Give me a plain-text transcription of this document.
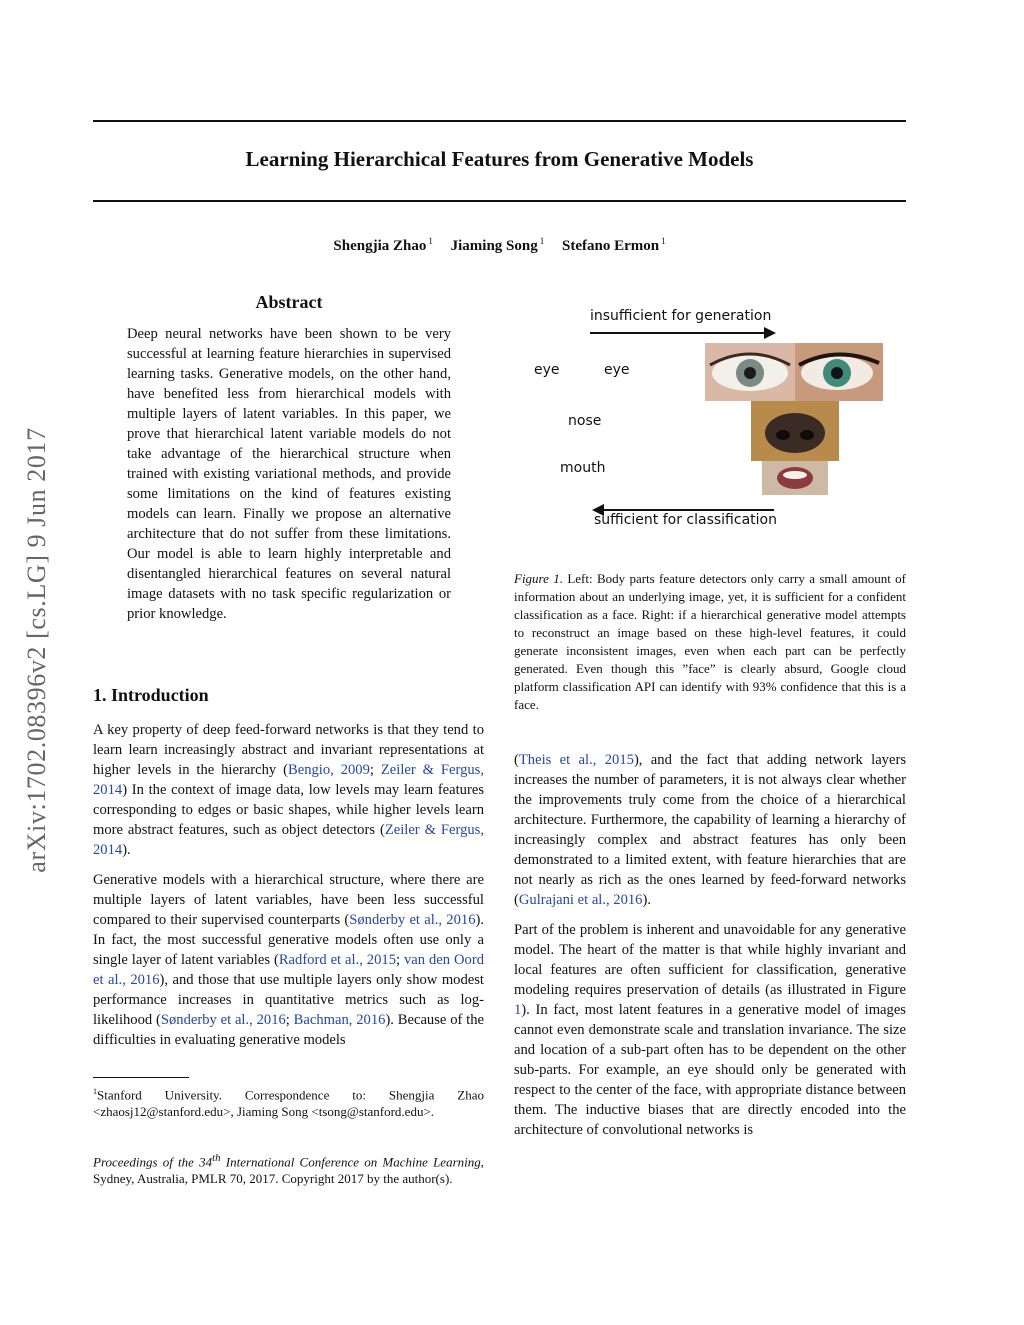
arXiv:1702.08396v2 [cs.LG] 9 Jun 2017
Learning Hierarchical Features from Generative Models
Shengjia Zhao $^1$ Jiaming Song $^1$ Stefano Ermon $^1$
Abstract
Deep neural networks have been shown to be very successful at learning feature hierarchies in supervised learning tasks. Generative models, on the other hand, have benefited less from hierarchical models with multiple layers of latent variables. In this paper, we prove that hierarchical latent variable models do not take advantage of the hierarchical structure when trained with existing variational methods, and provide some limitations on the kind of features existing models can learn. Finally we propose an alternative architecture that do not suffer from these limitations. Our model is able to learn highly interpretable and disentangled hierarchical features on several natural image datasets with no task specific regularization or prior knowledge.
insufficient for generation
eye	eye
nose
mouth
sufficient for classification
Figure 1. Left: Body parts feature detectors only carry a small amount of information about an underlying image, yet, it is sufficient for a confident classification as a face. Right: if a hierarchical generative model attempts to reconstruct an image based on these high-level features, it could generate inconsistent images, even when each part can be perfectly generated. Even though this ”face” is clearly absurd, Google cloud platform classification API can identify with 93% confidence that this is a face.
1. Introduction

A key property of deep feed-forward networks is that they tend to learn learn increasingly abstract and invariant representations at higher levels in the hierarchy (Bengio, 2009; Zeiler & Fergus, 2014) In the context of image data, low levels may learn features corresponding to edges or basic shapes, while higher levels learn more abstract features, such as object detectors (Zeiler & Fergus, 2014).

Generative models with a hierarchical structure, where there are multiple layers of latent variables, have been less successful compared to their supervised counterparts (Sønderby et al., 2016). In fact, the most successful generative models often use only a single layer of latent variables (Radford et al., 2015; van den Oord et al., 2016), and those that use multiple layers only show modest performance increases in quantitative metrics such as log-likelihood (Sønderby et al., 2016; Bachman, 2016). Because of the difficulties in evaluating generative models

$^1$Stanford University. Correspondence to: Shengjia Zhao <zhaosj12@stanford.edu>, Jiaming Song <tsong@stanford.edu>.
Proceedings of the 34th International Conference on Machine Learning, Sydney, Australia, PMLR 70, 2017. Copyright 2017 by the author(s).

(Theis et al., 2015), and the fact that adding network layers increases the number of parameters, it is not always clear whether the improvements truly come from the choice of a hierarchical architecture. Furthermore, the capability of learning a hierarchy of increasingly complex and abstract features has only been demonstrated to a limited extent, with feature hierarchies that are not nearly as rich as the ones learned by feed-forward networks (Gulrajani et al., 2016).

Part of the problem is inherent and unavoidable for any generative model. The heart of the matter is that while highly invariant and local features are often sufficient for classification, generative modeling requires preservation of details (as illustrated in Figure 1). In fact, most latent features in a generative model of images cannot even demonstrate scale and translation invariance. The size and location of a sub-part often has to be dependent on the other sub-parts. For example, an eye should only be generated with respect to the center of the face, with appropriate distance between them. The inductive biases that are directly encoded into the architecture of convolutional networks is
